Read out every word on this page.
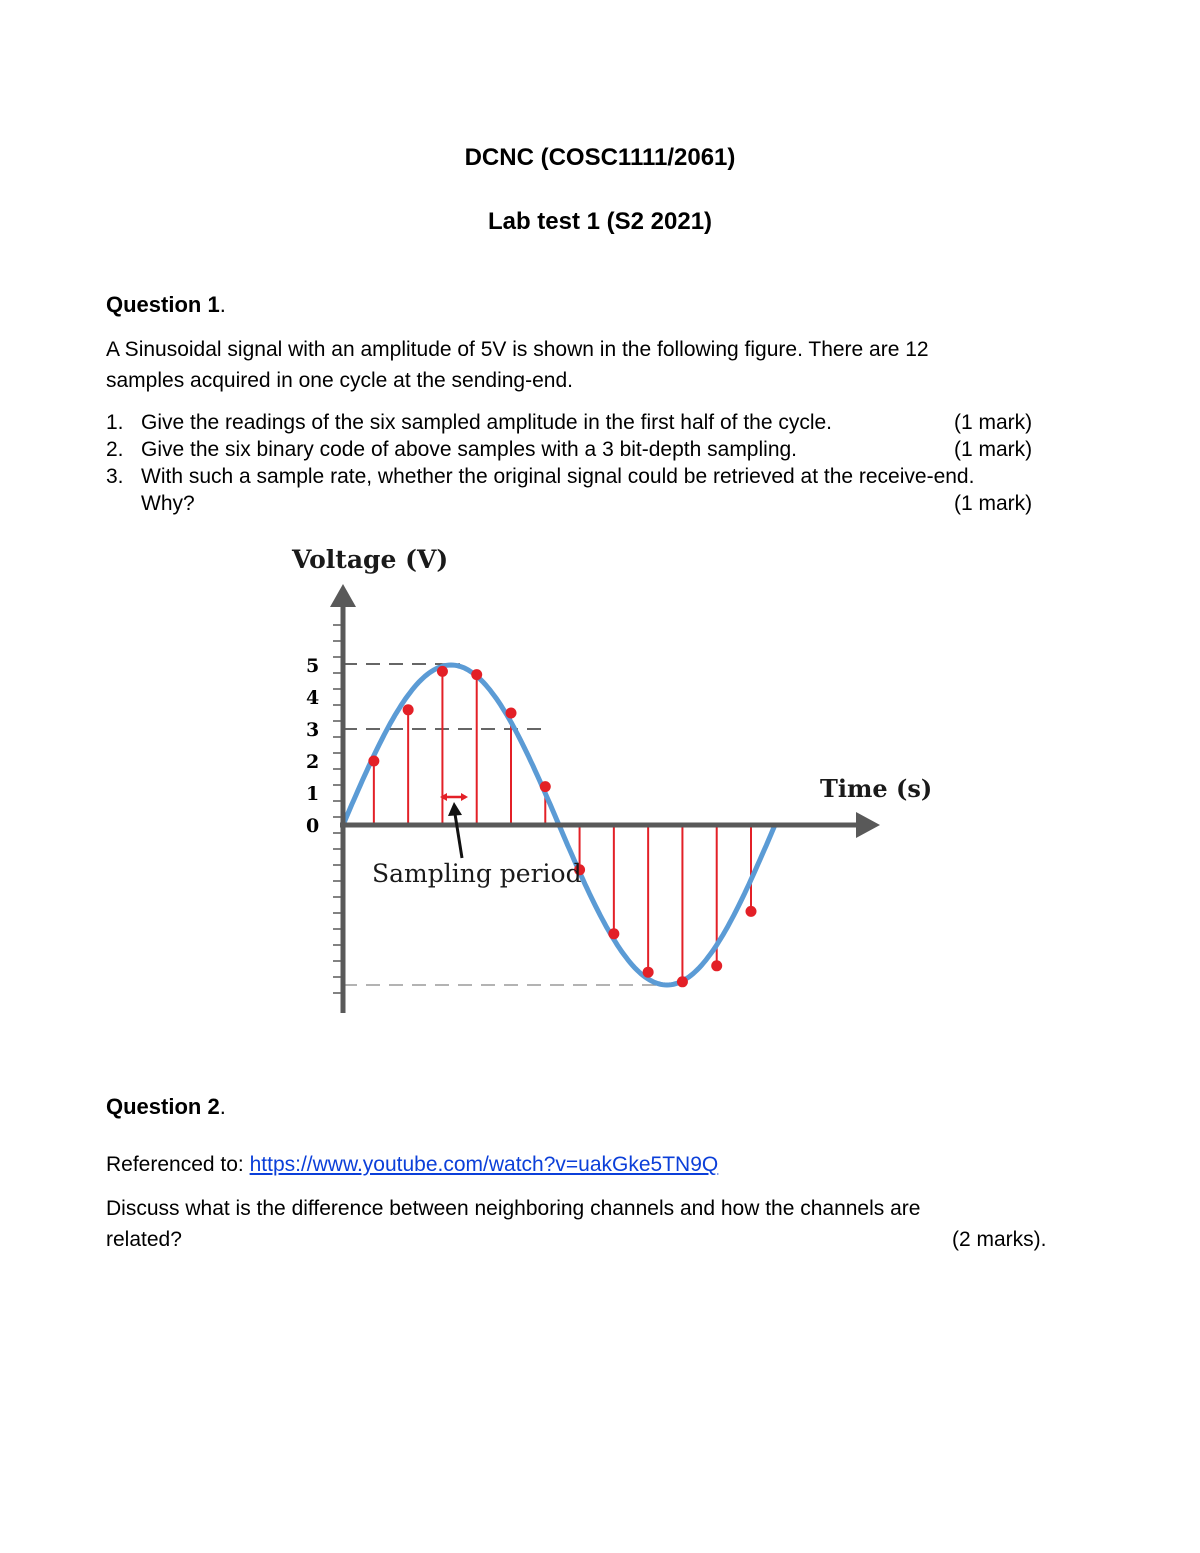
DCNC (COSC1111/2061)
Lab test 1 (S2 2021)
Question 1.
A Sinusoidal signal with an amplitude of 5V is shown in the following figure. There are 12
samples acquired in one cycle at the sending-end.
1. Give the readings of the six sampled amplitude in the first half of the cycle.	(1 mark)
2. Give the six binary code of above samples with a 3 bit-depth sampling.	(1 mark)
3. With such a sample rate, whether the original signal could be retrieved at the receive-end.
Why?	(1 mark)
Voltage (V)
Time (s)
5
4
3
2
1
0
Sampling period
Question 2.
Referenced to: https://www.youtube.com/watch?v=uakGke5TN9Q
Discuss what is the difference between neighboring channels and how the channels are
related?	(2 marks).
